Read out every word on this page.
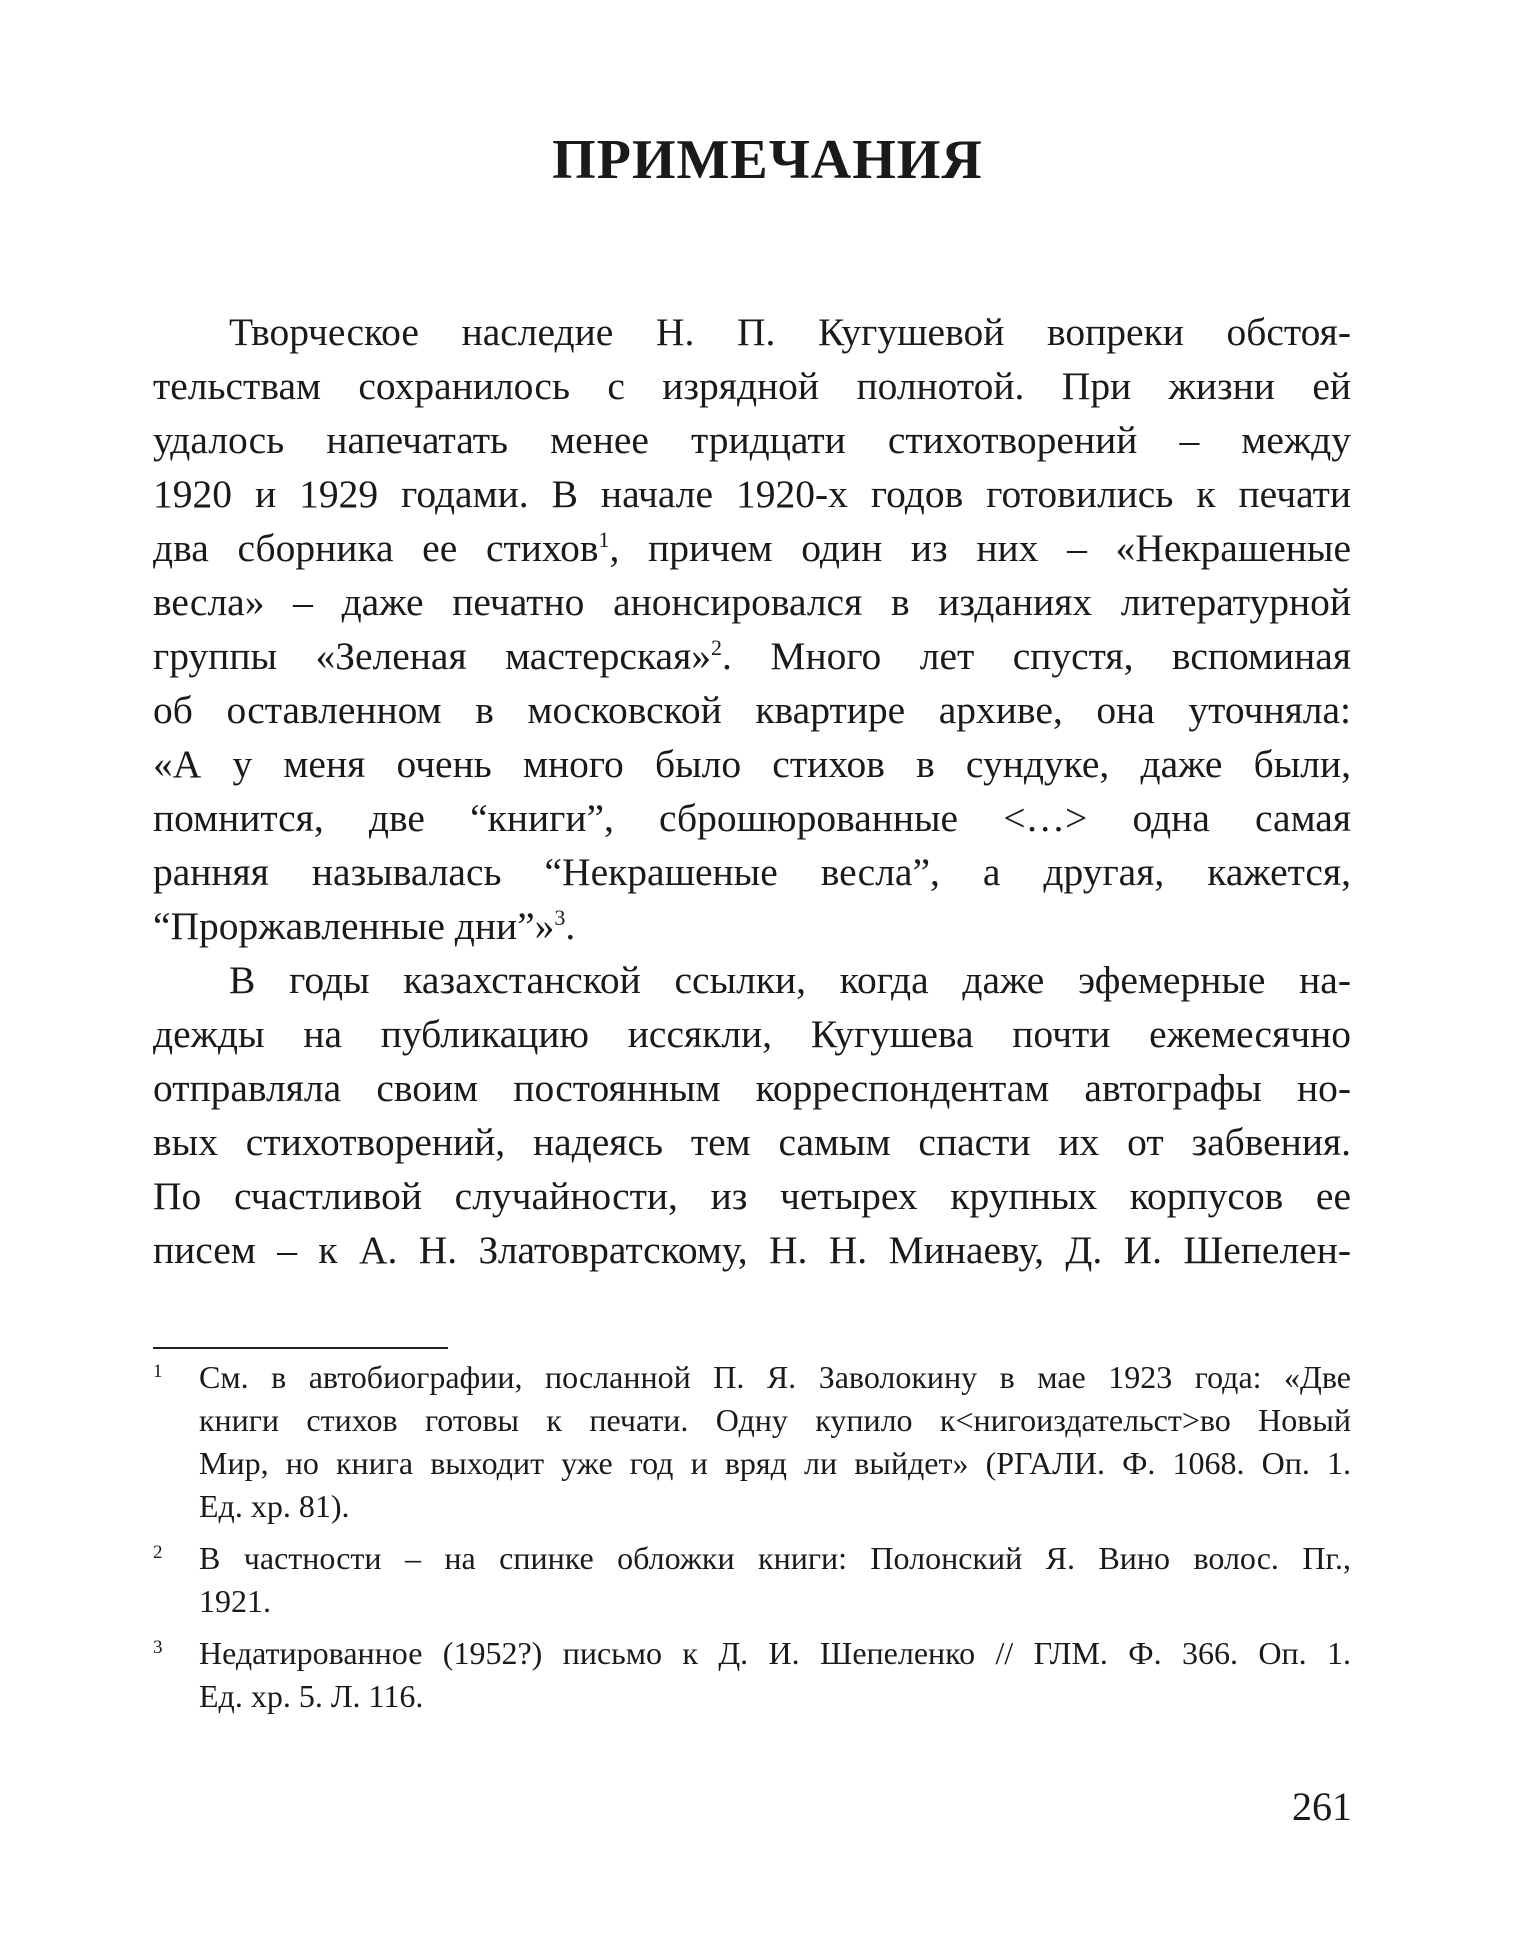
ПРИМЕЧАНИЯ
Творческое наследие Н. П. Кугушевой вопреки обстоя-
тельствам сохранилось с изрядной полнотой. При жизни ей
удалось напечатать менее тридцати стихотворений – между
1920 и 1929 годами. В начале 1920-х годов готовились к печати
два сборника ее стихов$^1$, причем один из них – «Некрашеные
весла» – даже печатно анонсировался в изданиях литературной
группы «Зеленая мастерская»$^2$. Много лет спустя, вспоминая
об оставленном в московской квартире архиве, она уточняла:
«А у меня очень много было стихов в сундуке, даже были,
помнится, две “книги”, сброшюрованные <…> одна самая
ранняя называлась “Некрашеные весла”, а другая, кажется,
“Проржавленные дни”»$^3$.
В годы казахстанской ссылки, когда даже эфемерные на-
дежды на публикацию иссякли, Кугушева почти ежемесячно
отправляла своим постоянным корреспондентам автографы но-
вых стихотворений, надеясь тем самым спасти их от забвения.
По счастливой случайности, из четырех крупных корпусов ее
писем – к А. Н. Златовратскому, Н. Н. Минаеву, Д. И. Шепелен-
1 См. в автобиографии, посланной П. Я. Заволокину в мае 1923 года: «Две
книги стихов готовы к печати. Одну купило к<нигоиздательст>во Новый
Мир, но книга выходит уже год и вряд ли выйдет» (РГАЛИ. Ф. 1068. Оп. 1.
Ед. хр. 81).
2 В частности – на спинке обложки книги: Полонский Я. Вино волос. Пг.,
1921.
3 Недатированное (1952?) письмо к Д. И. Шепеленко // ГЛМ. Ф. 366. Оп. 1.
Ед. хр. 5. Л. 116.
261
